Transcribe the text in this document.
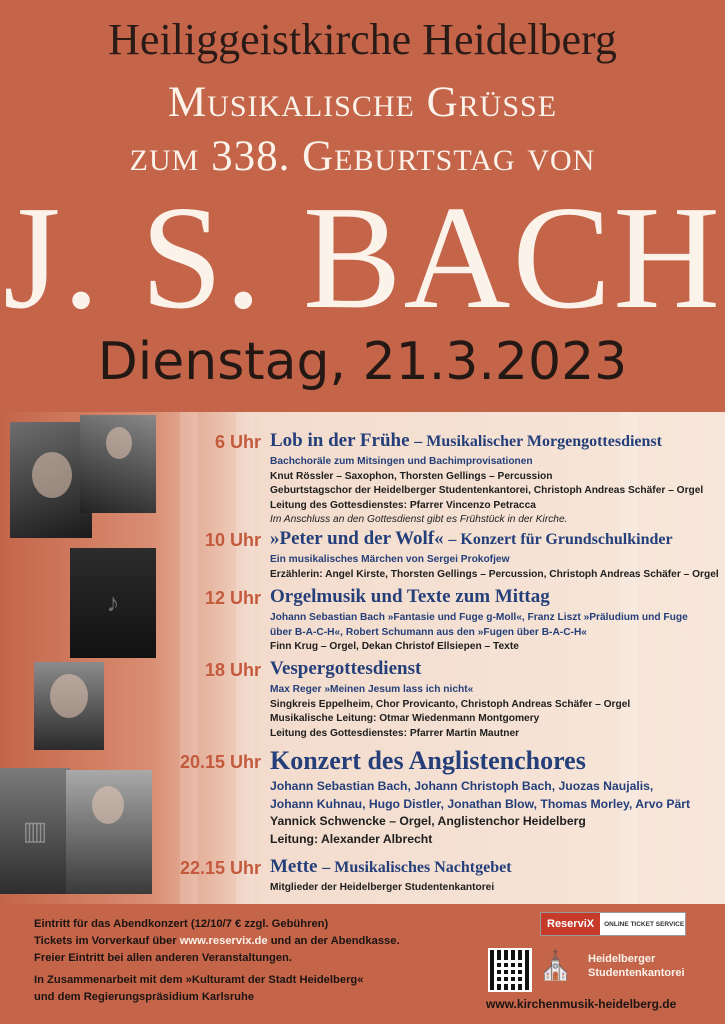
Heiliggeistkirche Heidelberg
Musikalische Grüsse
zum 338. Geburtstag von
J. S. BACH
Dienstag, 21.3.2023
♪
▥
6 Uhr Lob in der Frühe – Musikalischer Morgengottesdienst
Bachchoräle zum Mitsingen und Bachimprovisationen
Knut Rössler – Saxophon, Thorsten Gellings – Percussion
Geburtstagschor der Heidelberger Studentenkantorei, Christoph Andreas Schäfer – Orgel
Leitung des Gottesdienstes: Pfarrer Vincenzo Petracca
Im Anschluss an den Gottesdienst gibt es Frühstück in der Kirche.
10 Uhr »Peter und der Wolf« – Konzert für Grundschulkinder
Ein musikalisches Märchen von Sergei Prokofjew
Erzählerin: Angel Kirste, Thorsten Gellings – Percussion, Christoph Andreas Schäfer – Orgel
12 Uhr Orgelmusik und Texte zum Mittag
Johann Sebastian Bach »Fantasie und Fuge g-Moll«, Franz Liszt »Präludium und Fuge
über B-A-C-H«, Robert Schumann aus den »Fugen über B-A-C-H«
Finn Krug – Orgel, Dekan Christof Ellsiepen – Texte
18 Uhr Vespergottesdienst
Max Reger »Meinen Jesum lass ich nicht«
Singkreis Eppelheim, Chor Provicanto, Christoph Andreas Schäfer – Orgel
Musikalische Leitung: Otmar Wiedenmann Montgomery
Leitung des Gottesdienstes: Pfarrer Martin Mautner
20.15 Uhr Konzert des Anglistenchores
Johann Sebastian Bach, Johann Christoph Bach, Juozas Naujalis,
Johann Kuhnau, Hugo Distler, Jonathan Blow, Thomas Morley, Arvo Pärt
Yannick Schwencke – Orgel, Anglistenchor Heidelberg
Leitung: Alexander Albrecht
22.15 Uhr Mette – Musikalisches Nachtgebet
Mitglieder der Heidelberger Studentenkantorei
Eintritt für das Abendkonzert (12/10/7 € zzgl. Gebühren)
Tickets im Vorverkauf über www.reservix.de und an der Abendkasse.
Freier Eintritt bei allen anderen Veranstaltungen.
In Zusammenarbeit mit dem »Kulturamt der Stadt Heidelberg«
und dem Regierungspräsidium Karlsruhe
ReserviX	ONLINE TICKET SERVICE
⛪ Heidelberger
Studentenkantorei
www.kirchenmusik-heidelberg.de
